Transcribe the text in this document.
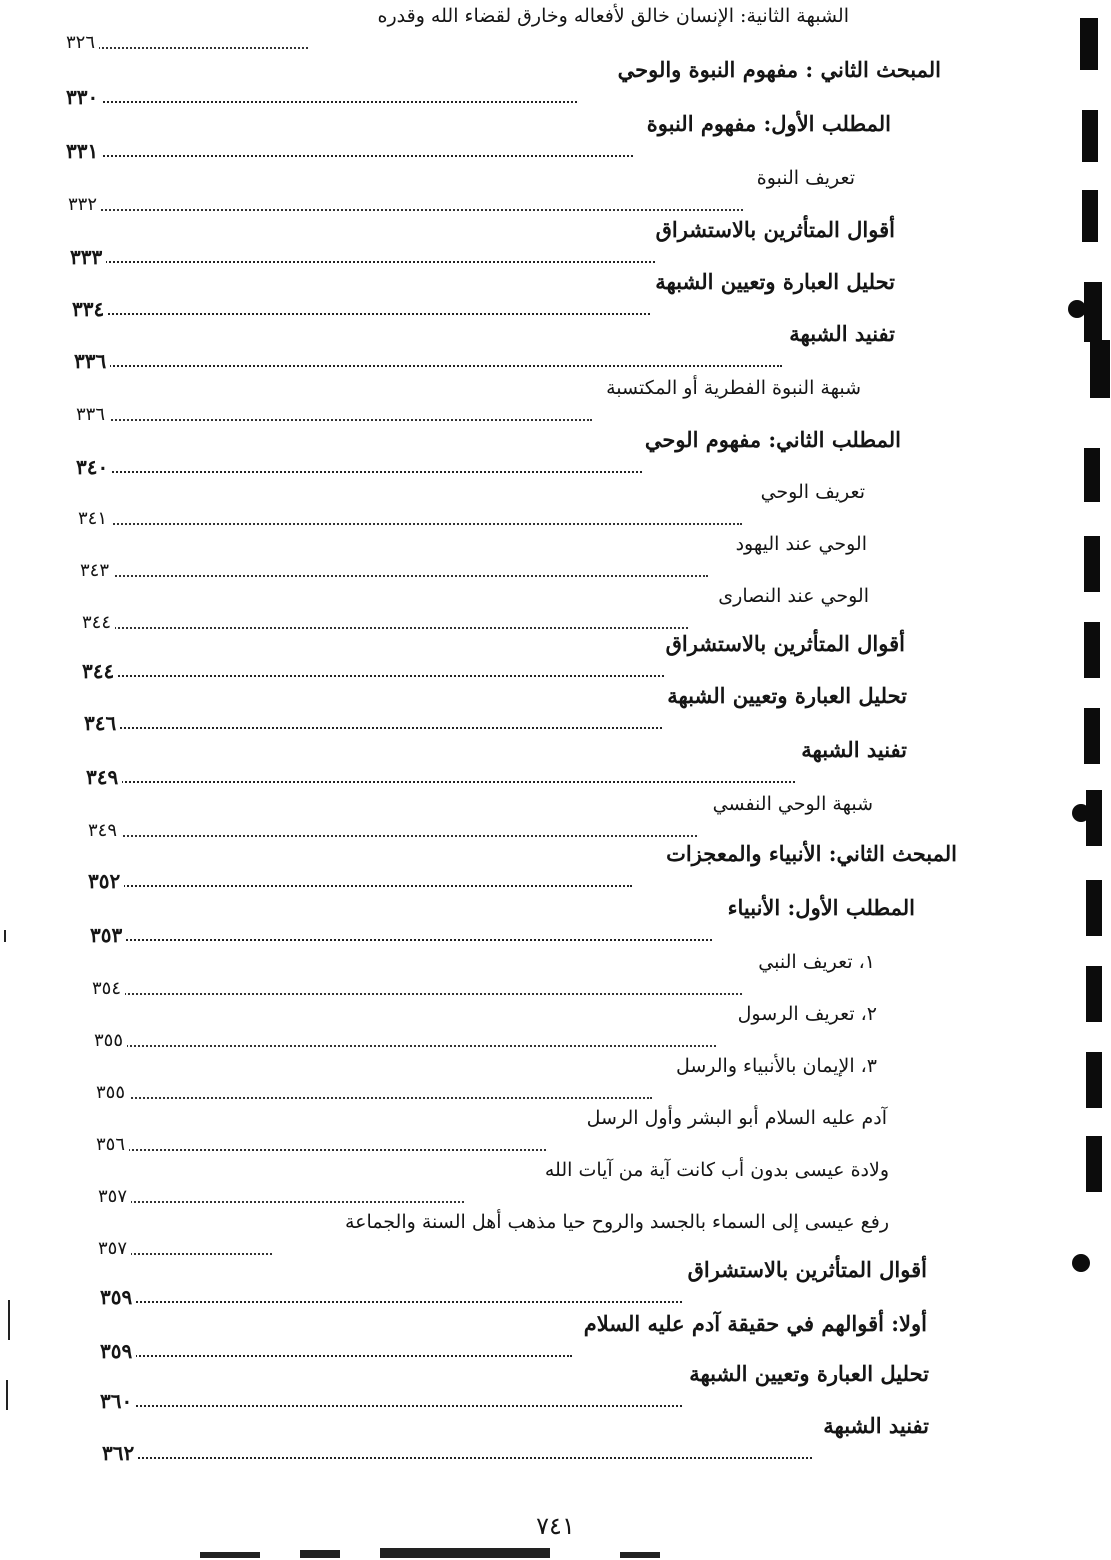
الشبهة الثانية: الإنسان خالق لأفعاله وخارق لقضاء الله وقدره
٣٢٦
المبحث الثاني : مفهوم النبوة والوحي
٣٣٠
المطلب الأول: مفهوم النبوة
٣٣١
تعريف النبوة
٣٣٢
أقوال المتأثرين بالاستشراق
٣٣٣
تحليل العبارة وتعيين الشبهة
٣٣٤
تفنيد الشبهة
٣٣٦
شبهة النبوة الفطرية أو المكتسبة
٣٣٦
المطلب الثاني: مفهوم الوحي
٣٤٠
تعريف الوحي
٣٤١
الوحي عند اليهود
٣٤٣
الوحي عند النصارى
٣٤٤
أقوال المتأثرين بالاستشراق
٣٤٤
تحليل العبارة وتعيين الشبهة
٣٤٦
تفنيد الشبهة
٣٤٩
شبهة الوحي النفسي
٣٤٩
المبحث الثاني: الأنبياء والمعجزات
٣٥٢
المطلب الأول: الأنبياء
٣٥٣
١، تعريف النبي
٣٥٤
٢، تعريف الرسول
٣٥٥
٣، الإيمان بالأنبياء والرسل
٣٥٥
آدم عليه السلام أبو البشر وأول الرسل
٣٥٦
ولادة عيسى بدون أب كانت آية من آيات الله
٣٥٧
رفع عيسى إلى السماء بالجسد والروح حيا مذهب أهل السنة والجماعة
٣٥٧
أقوال المتأثرين بالاستشراق
٣٥٩
أولا: أقوالهم في حقيقة آدم عليه السلام
٣٥٩
تحليل العبارة وتعيين الشبهة
٣٦٠
تفنيد الشبهة
٣٦٢
٧٤١
